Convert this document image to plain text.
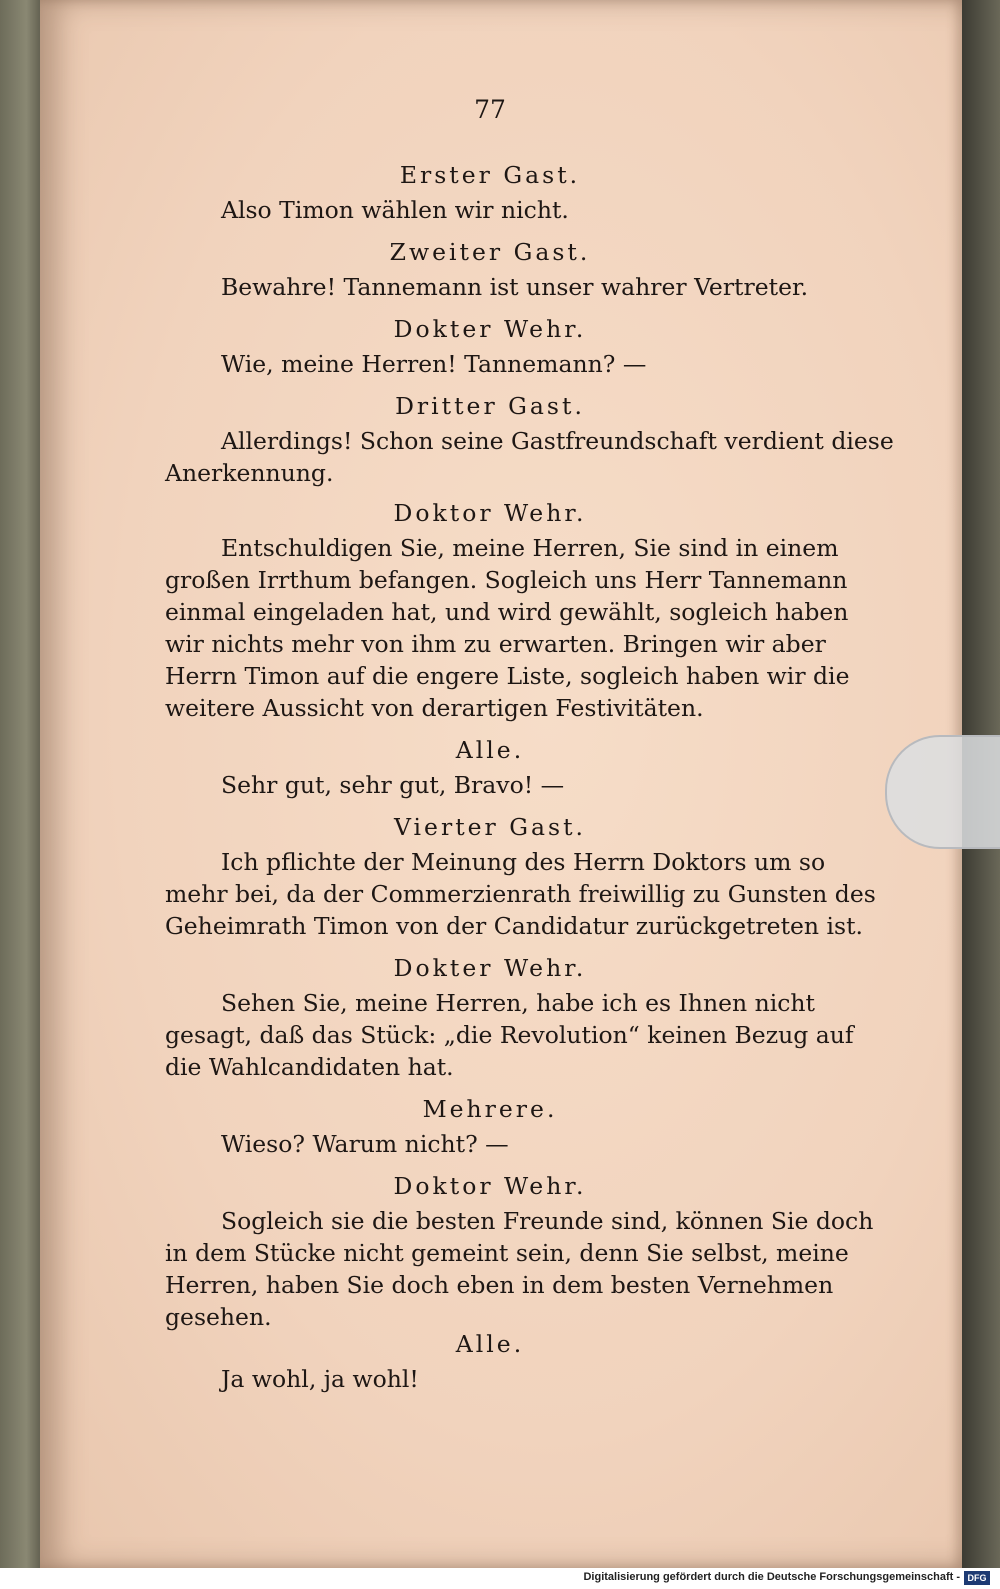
77
Erster Gast.
Also Timon wählen wir nicht.
Zweiter Gast.
Bewahre! Tannemann ist unser wahrer Vertreter.
Dokter Wehr.
Wie, meine Herren! Tannemann? —
Dritter Gast.
Allerdings! Schon seine Gastfreundschaft verdient diese
Anerkennung.
Doktor Wehr.
Entschuldigen Sie, meine Herren, Sie sind in einem
großen Irrthum befangen. Sogleich uns Herr Tannemann
einmal eingeladen hat, und wird gewählt, sogleich haben
wir nichts mehr von ihm zu erwarten. Bringen wir aber
Herrn Timon auf die engere Liste, sogleich haben wir die
weitere Aussicht von derartigen Festivitäten.
Alle.
Sehr gut, sehr gut, Bravo! —
Vierter Gast.
Ich pflichte der Meinung des Herrn Doktors um so
mehr bei, da der Commerzienrath freiwillig zu Gunsten des
Geheimrath Timon von der Candidatur zurückgetreten ist.
Dokter Wehr.
Sehen Sie, meine Herren, habe ich es Ihnen nicht
gesagt, daß das Stück: „die Revolution“ keinen Bezug auf
die Wahlcandidaten hat.
Mehrere.
Wieso? Warum nicht? —
Doktor Wehr.
Sogleich sie die besten Freunde sind, können Sie doch
in dem Stücke nicht gemeint sein, denn Sie selbst, meine
Herren, haben Sie doch eben in dem besten Vernehmen
gesehen.
Alle.
Ja wohl, ja wohl!
Digitalisierung gefördert durch die Deutsche Forschungsgemeinschaft - DFG
